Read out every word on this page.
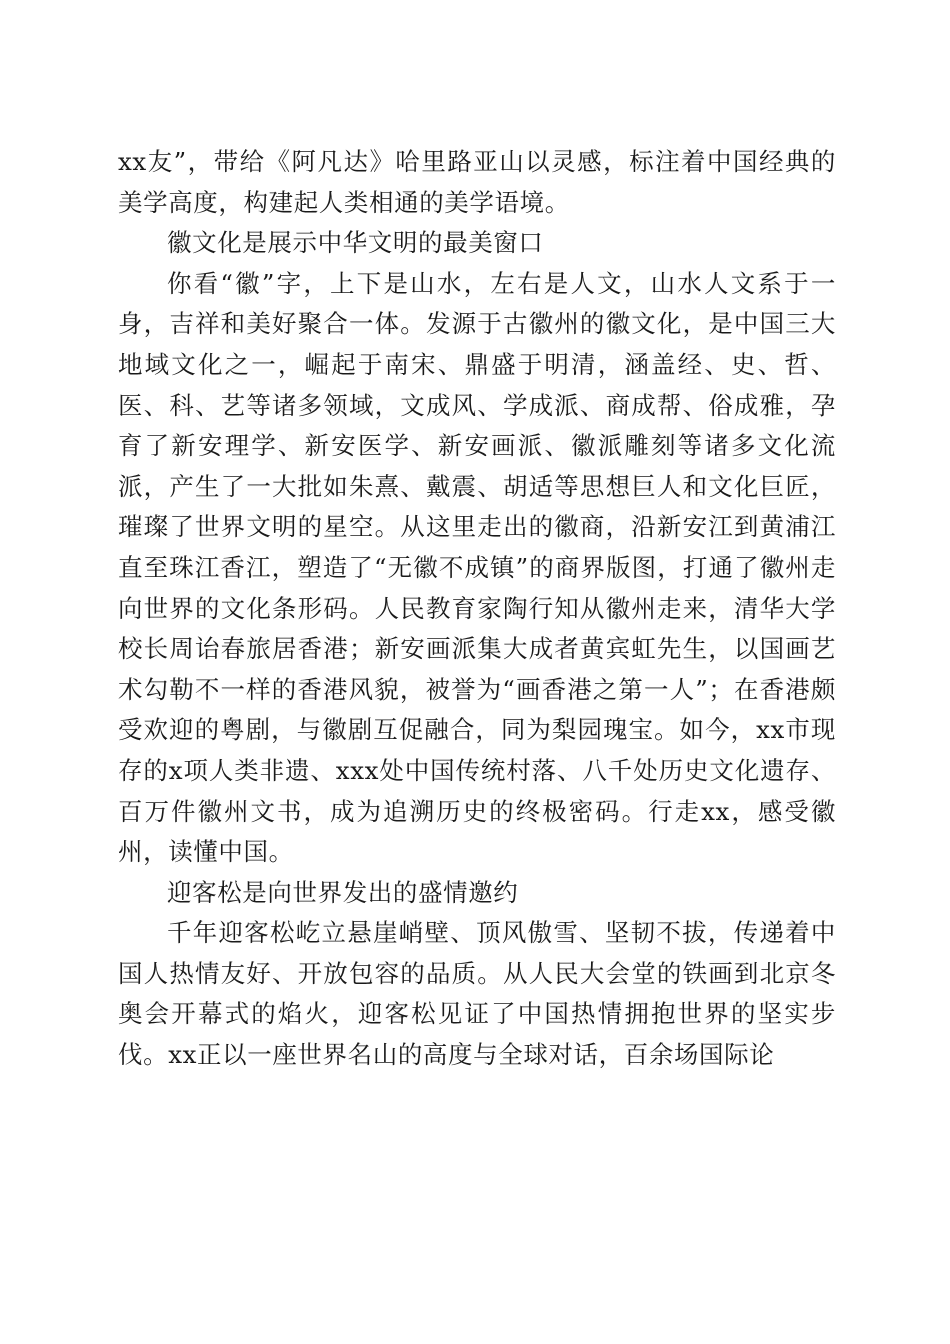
xx友”，带给《阿凡达》哈里路亚山以灵感，标注着中国经典的美学高度，构建起人类相通的美学语境。

徽文化是展示中华文明的最美窗口

你看“徽”字，上下是山水，左右是人文，山水人文系于一身，吉祥和美好聚合一体。发源于古徽州的徽文化，是中国三大地域文化之一，崛起于南宋、鼎盛于明清，涵盖经、史、哲、医、科、艺等诸多领域，文成风、学成派、商成帮、俗成雅，孕育了新安理学、新安医学、新安画派、徽派雕刻等诸多文化流派，产生了一大批如朱熹、戴震、胡适等思想巨人和文化巨匠，璀璨了世界文明的星空。从这里走出的徽商，沿新安江到黄浦江直至珠江香江，塑造了“无徽不成镇”的商界版图，打通了徽州走向世界的文化条形码。人民教育家陶行知从徽州走来，清华大学校长周诒春旅居香港；新安画派集大成者黄宾虹先生，以国画艺术勾勒不一样的香港风貌，被誉为“画香港之第一人”；在香港颇受欢迎的粤剧，与徽剧互促融合，同为梨园瑰宝。如今，xx市现存的x项人类非遗、xxx处中国传统村落、八千处历史文化遗存、百万件徽州文书，成为追溯历史的终极密码。行走xx，感受徽州，读懂中国。

迎客松是向世界发出的盛情邀约

千年迎客松屹立悬崖峭壁、顶风傲雪、坚韧不拔，传递着中国人热情友好、开放包容的品质。从人民大会堂的铁画到北京冬奥会开幕式的焰火，迎客松见证了中国热情拥抱世界的坚实步伐。xx正以一座世界名山的高度与全球对话，百余场国际论
